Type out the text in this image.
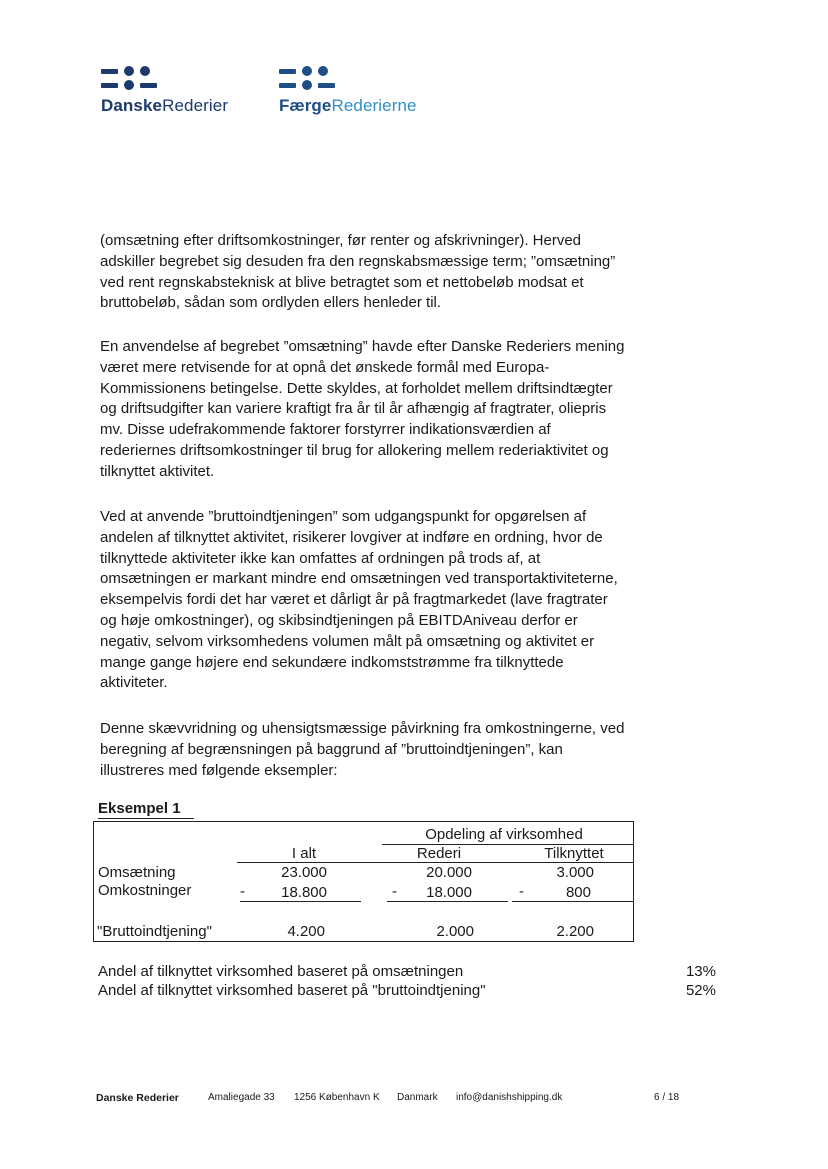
DanskeRederier	FærgeRederierne

(omsætning efter driftsomkostninger, før renter og afskrivninger). Herved adskiller begrebet sig desuden fra den regnskabsmæssige term; ”omsætning” ved rent regnskabsteknisk at blive betragtet som et nettobeløb modsat et bruttobeløb, sådan som ordlyden ellers henleder til.

En anvendelse af begrebet ”omsætning” havde efter Danske Rederiers mening været mere retvisende for at opnå det ønskede formål med Europa-Kommissionens betingelse. Dette skyldes, at forholdet mellem driftsindtægter og driftsudgifter kan variere kraftigt fra år til år afhængig af fragtrater, oliepris mv. Disse udefrakommende faktorer forstyrrer indikationsværdien af rederiernes driftsomkostninger til brug for allokering mellem rederiaktivitet og tilknyttet aktivitet.

Ved at anvende ”bruttoindtjeningen” som udgangspunkt for opgørelsen af andelen af tilknyttet aktivitet, risikerer lovgiver at indføre en ordning, hvor de tilknyttede aktiviteter ikke kan omfattes af ordningen på trods af, at omsætningen er markant mindre end omsætningen ved transportaktiviteterne, eksempelvis fordi det har været et dårligt år på fragtmarkedet (lave fragtrater og høje omkostninger), og skibsindtjeningen på EBITDAniveau derfor er negativ, selvom virksomhedens volumen målt på omsætning og aktivitet er mange gange højere end sekundære indkomststrømme fra tilknyttede aktiviteter.

Denne skævvridning og uhensigtsmæssige påvirkning fra omkostningerne, ved beregning af begrænsningen på baggrund af ”bruttoindtjeningen”, kan illustreres med følgende eksempler:

Eksempel 1
Opdeling af virksomhed
I alt	Rederi	Tilknyttet
Omsætning	23.000	20.000	3.000
Omkostninger	-	18.800	-	18.000	-	800
"Bruttoindtjening"	4.200	2.000	2.200
Andel af tilknyttet virksomhed baseret på omsætningen	13%
Andel af tilknyttet virksomhed baseret på "bruttoindtjening"	52%
Danske Rederier	Amaliegade 33 1256 København K Danmark info@danishshipping.dk	6 / 18
